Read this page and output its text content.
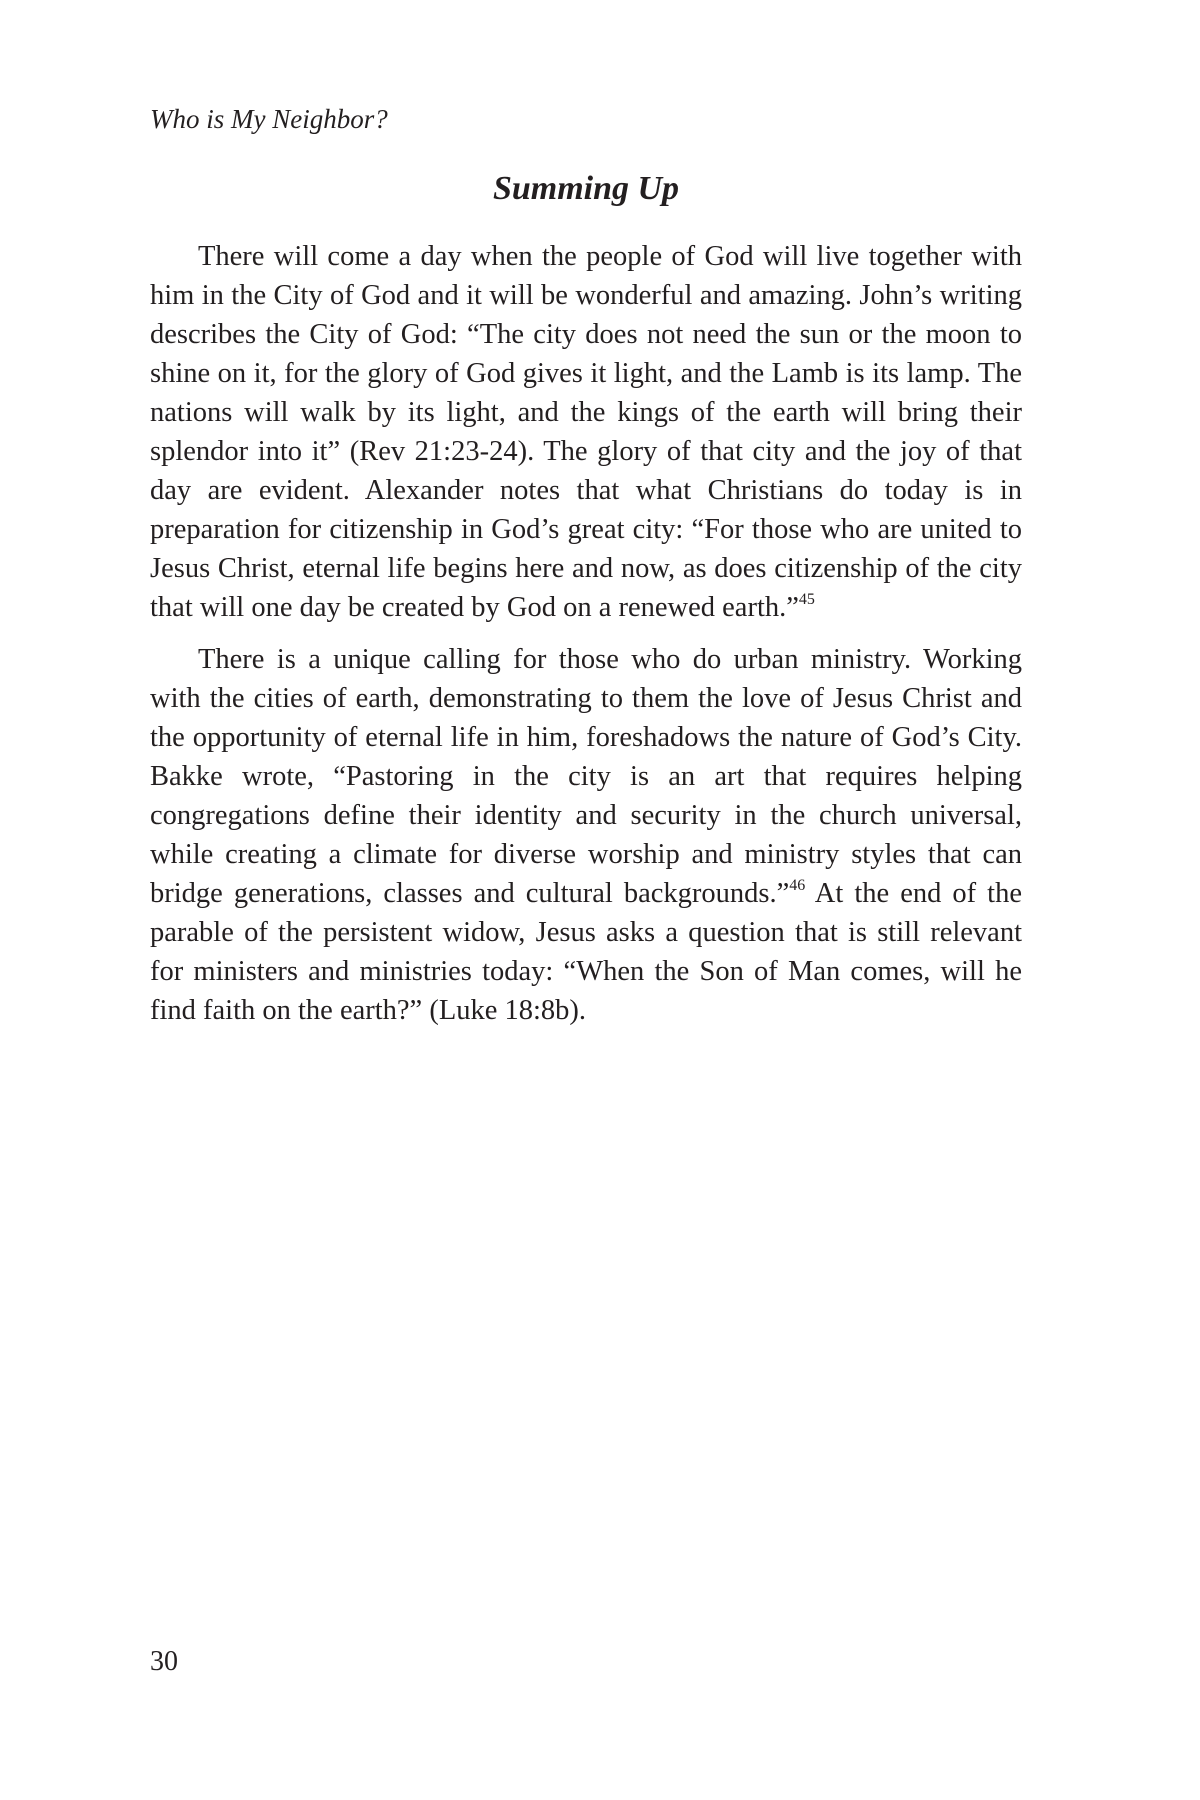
Who is My Neighbor?
Summing Up

There will come a day when the people of God will live together with him in the City of God and it will be wonderful and amazing. John’s writing describes the City of God: “The city does not need the sun or the moon to shine on it, for the glory of God gives it light, and the Lamb is its lamp. The nations will walk by its light, and the kings of the earth will bring their splendor into it” (Rev 21:23-24). The glory of that city and the joy of that day are evident. Alexander notes that what Christians do today is in preparation for citizenship in God’s great city: “For those who are united to Jesus Christ, eternal life begins here and now, as does citizenship of the city that will one day be created by God on a renewed earth.”$^{45}$

There is a unique calling for those who do urban ministry. Working with the cities of earth, demonstrating to them the love of Jesus Christ and the opportunity of eternal life in him, foreshadows the nature of God’s City. Bakke wrote, “Pastoring in the city is an art that requires helping congregations define their identity and security in the church universal, while creating a climate for diverse worship and ministry styles that can bridge generations, classes and cultural backgrounds.”$^{46}$ At the end of the parable of the persistent widow, Jesus asks a question that is still relevant for ministers and ministries today: “When the Son of Man comes, will he find faith on the earth?” (Luke 18:8b).

30
